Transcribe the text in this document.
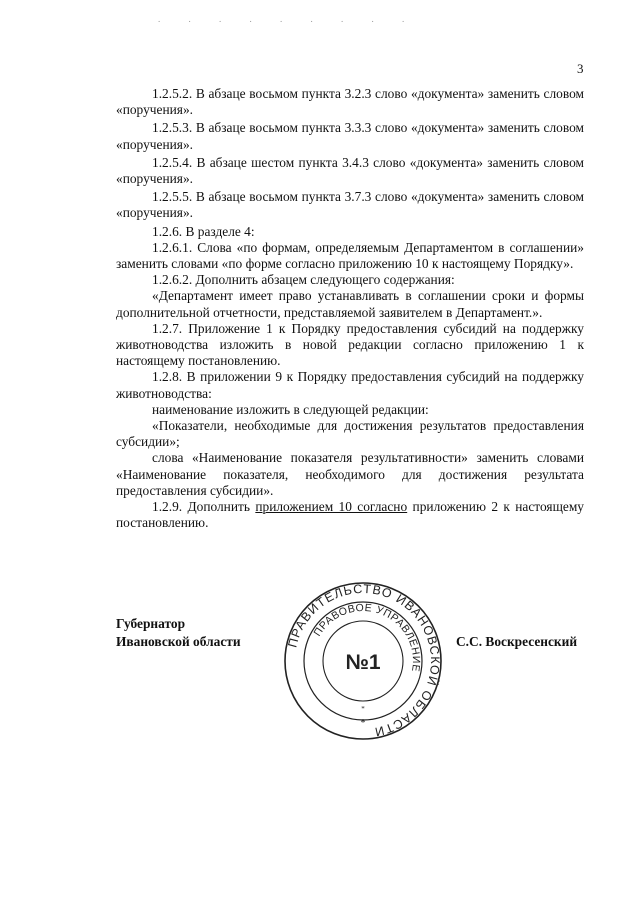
. . . . . . . . .
3

1.2.5.2. В абзаце восьмом пункта 3.2.3 слово «документа» заменить словом «поручения».

1.2.5.3. В абзаце восьмом пункта 3.3.3 слово «документа» заменить словом «поручения».

1.2.5.4. В абзаце шестом пункта 3.4.3 слово «документа» заменить словом «поручения».

1.2.5.5. В абзаце восьмом пункта 3.7.3 слово «документа» заменить словом «поручения».

1.2.6. В разделе 4:

1.2.6.1. Слова «по формам, определяемым Департаментом в соглашении» заменить словами «по форме согласно приложению 10 к настоящему Порядку».

1.2.6.2. Дополнить абзацем следующего содержания:

«Департамент имеет право устанавливать в соглашении сроки и формы дополнительной отчетности, представляемой заявителем в Департамент.».

1.2.7. Приложение 1 к Порядку предоставления субсидий на поддержку животноводства изложить в новой редакции согласно приложению 1 к настоящему постановлению.

1.2.8. В приложении 9 к Порядку предоставления субсидий на поддержку животноводства:

наименование изложить в следующей редакции:

«Показатели, необходимые для достижения результатов предоставления субсидии»;

слова «Наименование показателя результативности» заменить словами «Наименование показателя, необходимого для достижения результата предоставления субсидии».

1.2.9. Дополнить приложением 10 согласно приложению 2 к настоящему постановлению.

Губернатор
Ивановской области	ПРАВИТЕЛЬСТВО ИВАНОВСКОЙ ОБЛАСТИ
ПРАВОВОЕ УПРАВЛЕНИЕ
№1
*
*
С.С. Воскресенский
